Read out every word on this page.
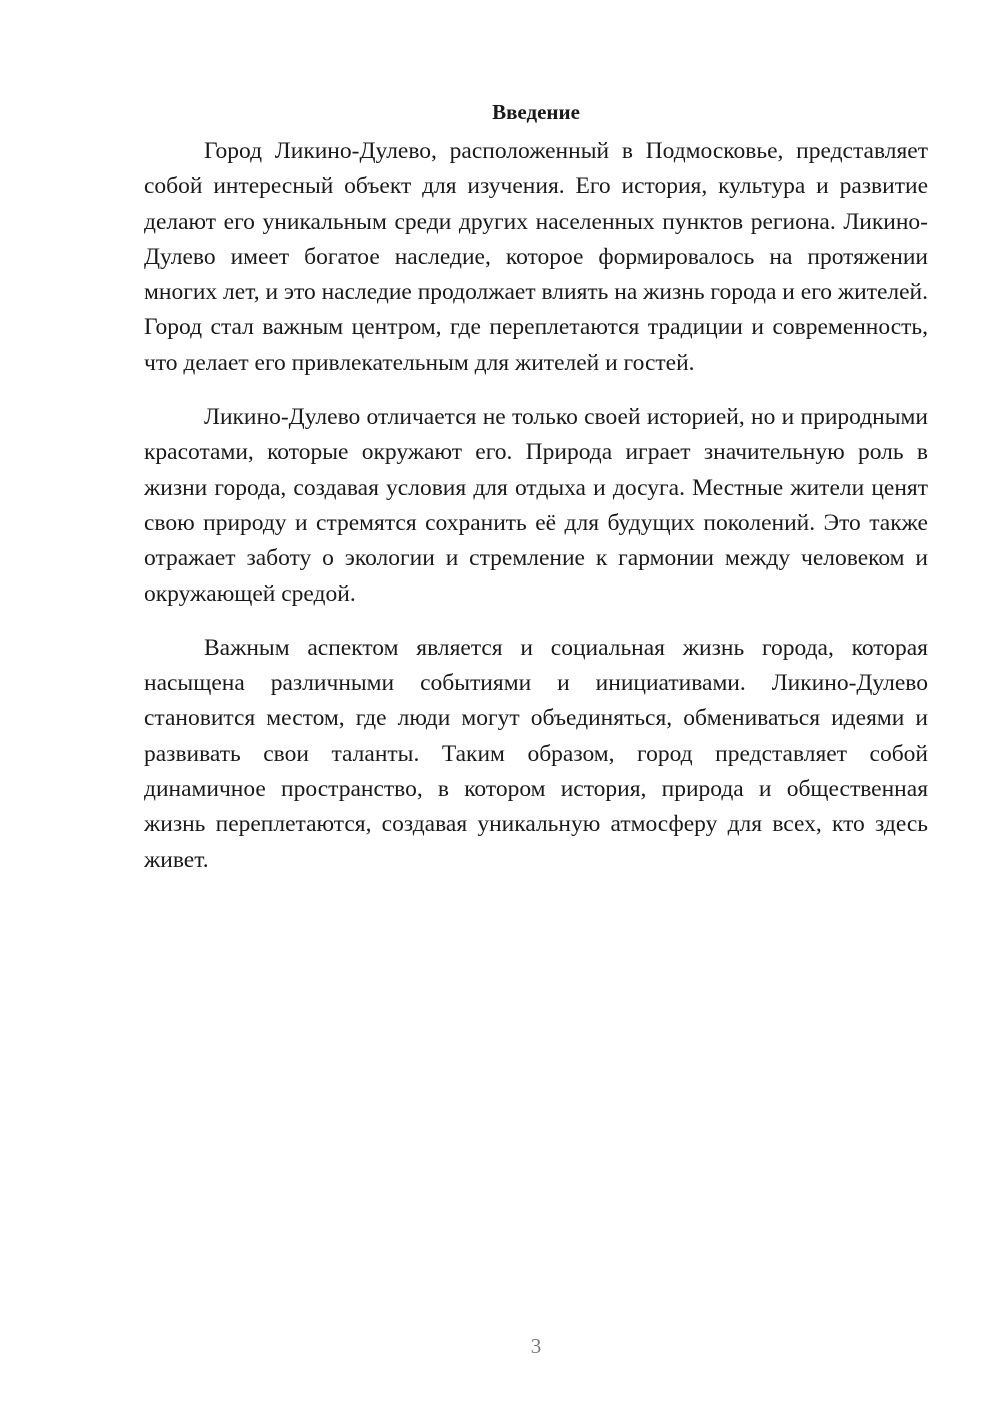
Введение

Город Ликино-Дулево, расположенный в Подмосковье, представляет собой интересный объект для изучения. Его история, культура и развитие делают его уникальным среди других населенных пунктов региона. Ликино-Дулево имеет богатое наследие, которое формировалось на протяжении многих лет, и это наследие продолжает влиять на жизнь города и его жителей. Город стал важным центром, где переплетаются традиции и современность, что делает его привлекательным для жителей и гостей.

Ликино-Дулево отличается не только своей историей, но и природными красотами, которые окружают его. Природа играет значительную роль в жизни города, создавая условия для отдыха и досуга. Местные жители ценят свою природу и стремятся сохранить её для будущих поколений. Это также отражает заботу о экологии и стремление к гармонии между человеком и окружающей средой.

Важным аспектом является и социальная жизнь города, которая насыщена различными событиями и инициативами. Ликино-Дулево становится местом, где люди могут объединяться, обмениваться идеями и развивать свои таланты. Таким образом, город представляет собой динамичное пространство, в котором история, природа и общественная жизнь переплетаются, создавая уникальную атмосферу для всех, кто здесь живет.

3
